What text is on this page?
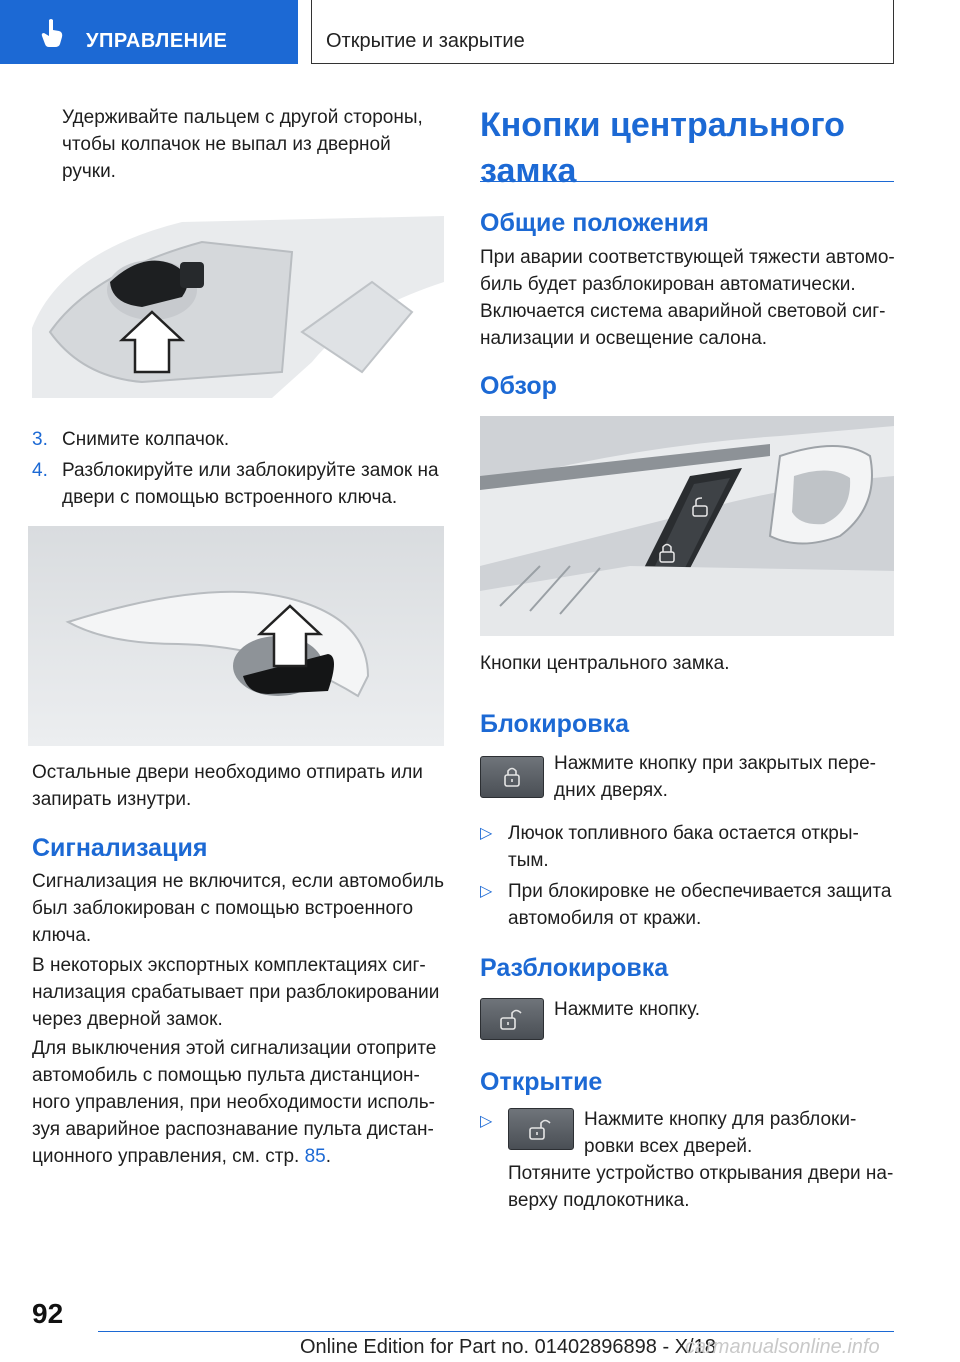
УПРАВЛЕНИЕ	Открытие и закрытие

Удерживайте пальцем с другой стороны,

чтобы колпачок не выпал из дверной

ручки.

3. Снимите колпачок.

4. Разблокируйте или заблокируйте замок на

двери с помощью встроенного ключа.

Остальные двери необходимо отпирать или

запирать изнутри.

Сигнализация

Сигнализация не включится, если автомобиль

был заблокирован с помощью встроенного

ключа.

В некоторых экспортных комплектациях сиг-

нализация срабатывает при разблокировании

через дверной замок.

Для выключения этой сигнализации отоприте

автомобиль с помощью пульта дистанцион-

ного управления, при необходимости исполь-

зуя аварийное распознавание пульта дистан-

ционного управления, см. стр. 85.

Кнопки центрального

замка

Общие положения

При аварии соответствующей тяжести автомо-

биль будет разблокирован автоматически.

Включается система аварийной световой сиг-

нализации и освещение салона.

Обзор
Кнопки центрального замка.
Блокировка

Нажмите кнопку при закрытых пере-

дних дверях.

▷ Лючок топливного бака остается откры-

тым.

▷ При блокировке не обеспечивается защита

автомобиля от кражи.

Разблокировка
Нажмите кнопку.
Открытие
▷	Нажмите кнопку для разблоки-

ровки всех дверей.

Потяните устройство открывания двери на-

верху подлокотника.

92
Online Edition for Part no. 01402896898 - X/18
carmanualsonline.info
